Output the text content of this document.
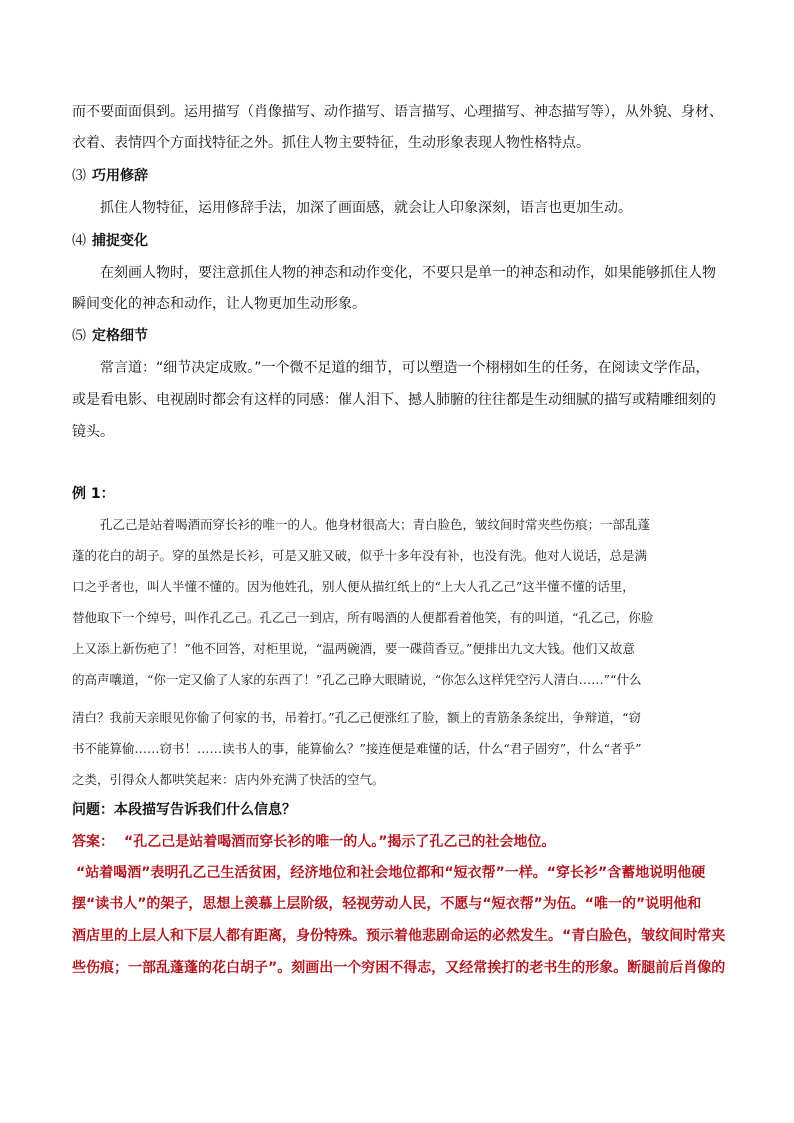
而不要面面俱到。运用描写（肖像描写、动作描写、语言描写、心理描写、神态描写等），从外貌、身材、
衣着、表情四个方面找特征之外。抓住人物主要特征，生动形象表现人物性格特点。
⑶ 巧用修辞
抓住人物特征，运用修辞手法，加深了画面感，就会让人印象深刻，语言也更加生动。
⑷ 捕捉变化
在刻画人物时，要注意抓住人物的神态和动作变化，不要只是单一的神态和动作，如果能够抓住人物
瞬间变化的神态和动作，让人物更加生动形象。
⑸ 定格细节
常言道：“细节决定成败。”一个微不足道的细节，可以塑造一个栩栩如生的任务，在阅读文学作品，
或是看电影、电视剧时都会有这样的同感：催人泪下、撼人肺腑的往往都是生动细腻的描写或精雕细刻的
镜头。
例 1：
孔乙己是站着喝酒而穿长衫的唯一的人。他身材很高大；青白脸色，皱纹间时常夹些伤痕；一部乱蓬
蓬的花白的胡子。穿的虽然是长衫，可是又脏又破，似乎十多年没有补，也没有洗。他对人说话，总是满
口之乎者也，叫人半懂不懂的。因为他姓孔，别人便从描红纸上的“上大人孔乙己”这半懂不懂的话里，
替他取下一个绰号，叫作孔乙己。孔乙己一到店，所有喝酒的人便都看着他笑，有的叫道，“孔乙己，你脸
上又添上新伤疤了！”他不回答，对柜里说，“温两碗酒，要一碟茴香豆。”便排出九文大钱。他们又故意
的高声嚷道，“你一定又偷了人家的东西了！”孔乙己睁大眼睛说，“你怎么这样凭空污人清白……”“什么
清白？我前天亲眼见你偷了何家的书，吊着打。”孔乙己便涨红了脸，额上的青筋条条绽出，争辩道，“窃
书不能算偷……窃书！……读书人的事，能算偷么？”接连便是难懂的话，什么“君子固穷”，什么“者乎”
之类，引得众人都哄笑起来：店内外充满了快活的空气。
问题：本段描写告诉我们什么信息？
答案： “孔乙己是站着喝酒而穿长衫的唯一的人。”揭示了孔乙己的社会地位。
“站着喝酒”表明孔乙己生活贫困，经济地位和社会地位都和“短衣帮”一样。“穿长衫”含蓄地说明他硬
摆“读书人”的架子，思想上羡慕上层阶级，轻视劳动人民，不愿与“短衣帮”为伍。“唯一的”说明他和
酒店里的上层人和下层人都有距离，身份特殊。预示着他悲剧命运的必然发生。“青白脸色，皱纹间时常夹
些伤痕；一部乱蓬蓬的花白胡子”。刻画出一个穷困不得志，又经常挨打的老书生的形象。断腿前后肖像的
